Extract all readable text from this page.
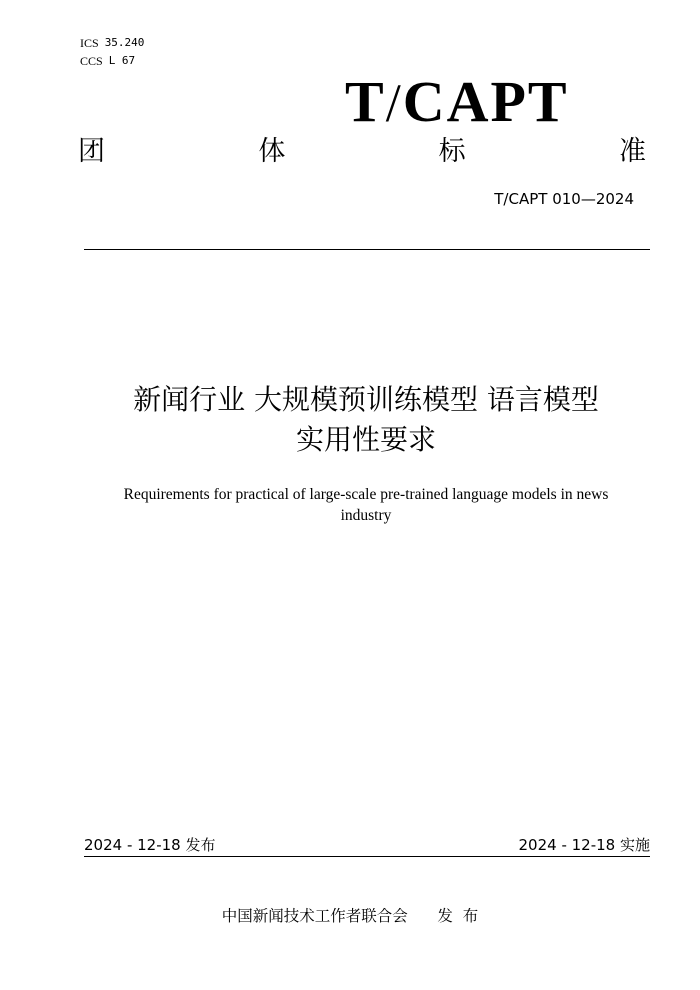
ICS 35.240
CCS L 67
T/CAPT
团	体	标	准
T/CAPT 010—2024
新闻行业 大规模预训练模型 语言模型
实用性要求
Requirements for practical of large-scale pre-trained language models in news
industry
2024 - 12-18 发布	2024 - 12-18 实施
中国新闻技术工作者联合会      发  布
